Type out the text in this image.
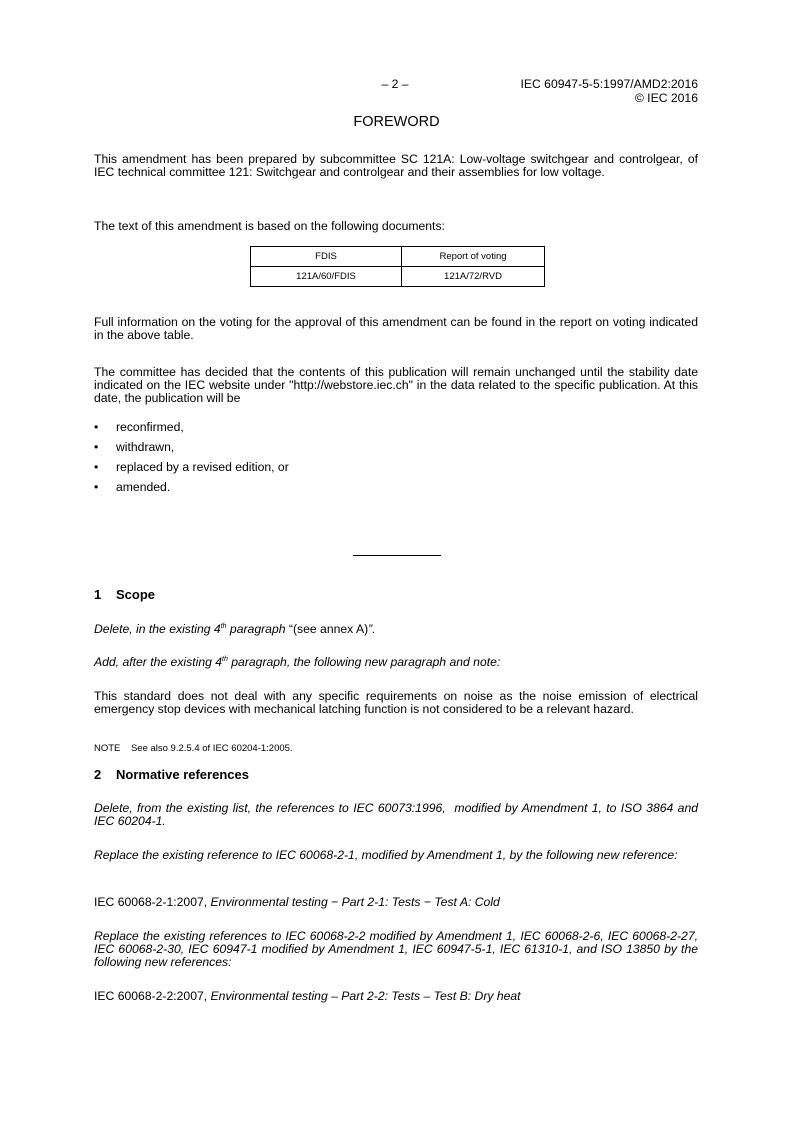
– 2 –	IEC 60947-5-5:1997/AMD2:2016
© IEC 2016
FOREWORD
This amendment has been prepared by subcommittee SC 121A: Low-voltage switchgear and controlgear, of IEC technical committee 121: Switchgear and controlgear and their assemblies for low voltage.
The text of this amendment is based on the following documents:
FDIS	Report of voting
121A/60/FDIS	121A/72/RVD
Full information on the voting for the approval of this amendment can be found in the report on voting indicated in the above table.
The committee has decided that the contents of this publication will remain unchanged until the stability date indicated on the IEC website under "http://webstore.iec.ch" in the data related to the specific publication. At this date, the publication will be
• reconfirmed,
• withdrawn,
• replaced by a revised edition, or
• amended.
1 Scope
Delete, in the existing 4th paragraph “(see annex A)”.
Add, after the existing 4th paragraph, the following new paragraph and note:
This standard does not deal with any specific requirements on noise as the noise emission of electrical emergency stop devices with mechanical latching function is not considered to be a relevant hazard.
NOTE    See also 9.2.5.4 of IEC 60204-1:2005.
2 Normative references
Delete, from the existing list, the references to IEC 60073:1996,  modified by Amendment 1, to ISO 3864 and IEC 60204-1.
Replace the existing reference to IEC 60068-2-1, modified by Amendment 1, by the following new reference:
IEC 60068-2-1:2007, Environmental testing − Part 2-1: Tests − Test A: Cold
Replace the existing references to IEC 60068-2-2 modified by Amendment 1, IEC 60068-2-6, IEC 60068-2-27, IEC 60068-2-30, IEC 60947-1 modified by Amendment 1, IEC 60947-5-1, IEC 61310-1, and ISO 13850 by the following new references:
IEC 60068-2-2:2007, Environmental testing – Part 2-2: Tests – Test B: Dry heat
